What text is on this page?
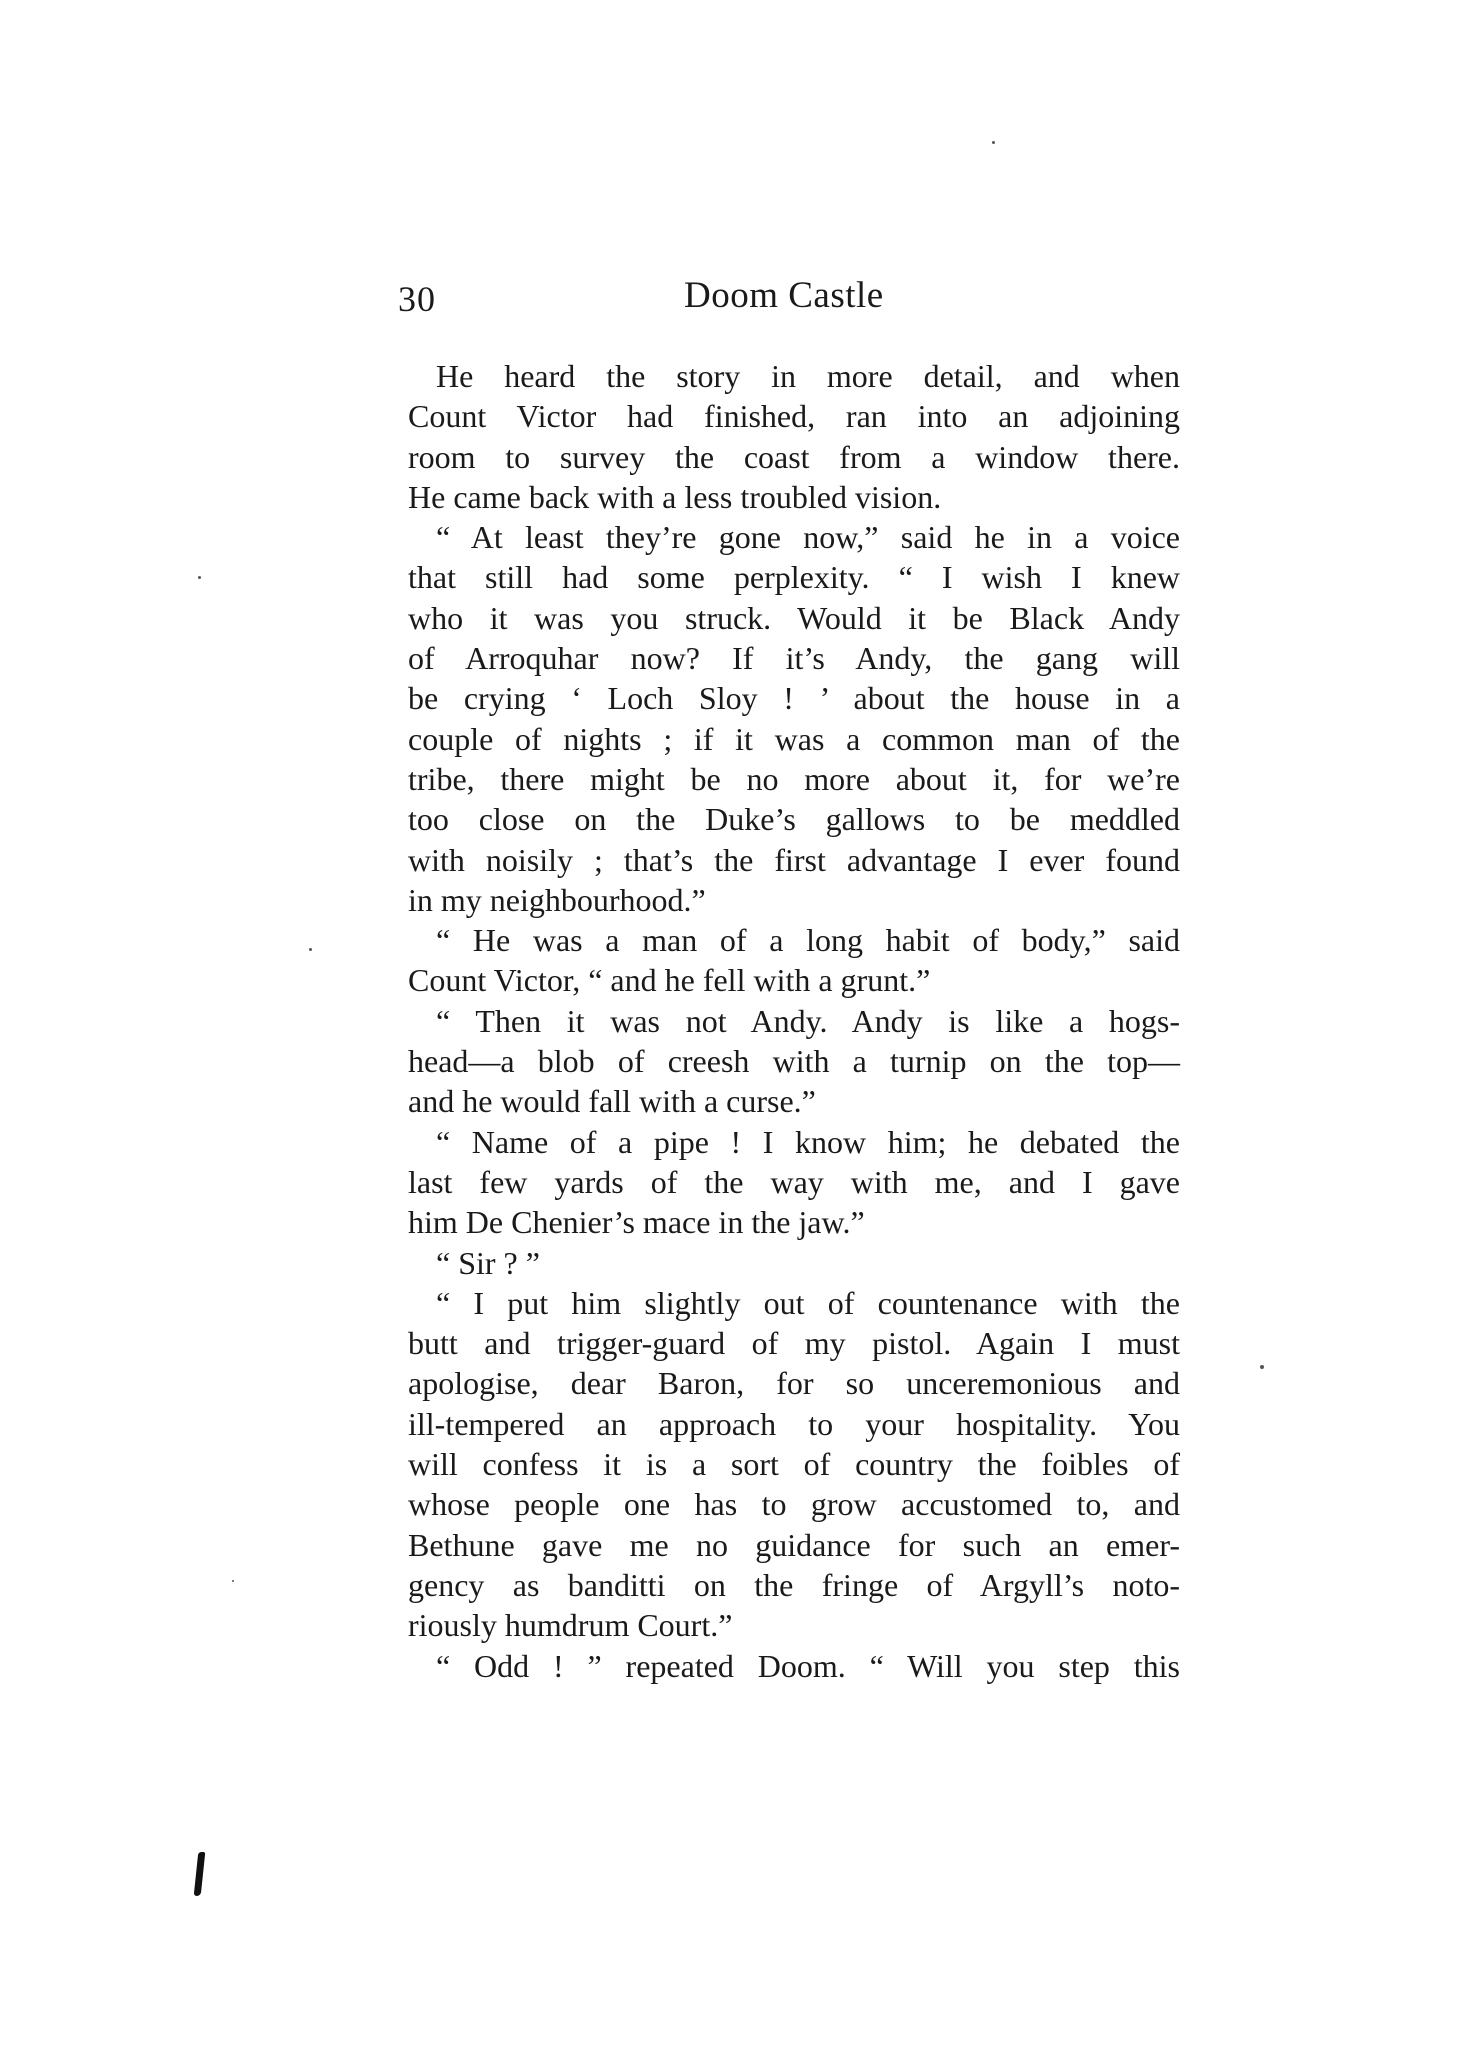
30	Doom Castle
He heard the story in more detail, and when
Count Victor had finished, ran into an adjoining
room to survey the coast from a window there.
He came back with a less troubled vision.
“ At least they’re gone now,” said he in a voice
that still had some perplexity. “ I wish I knew
who it was you struck. Would it be Black Andy
of Arroquhar now? If it’s Andy, the gang will
be crying ‘ Loch Sloy ! ’ about the house in a
couple of nights ; if it was a common man of the
tribe, there might be no more about it, for we’re
too close on the Duke’s gallows to be meddled
with noisily ; that’s the first advantage I ever found
in my neighbourhood.”
“ He was a man of a long habit of body,” said
Count Victor, “ and he fell with a grunt.”
“ Then it was not Andy. Andy is like a hogs-
head—a blob of creesh with a turnip on the top—
and he would fall with a curse.”
“ Name of a pipe ! I know him; he debated the
last few yards of the way with me, and I gave
him De Chenier’s mace in the jaw.”
“ Sir ? ”
“ I put him slightly out of countenance with the
butt and trigger-guard of my pistol. Again I must
apologise, dear Baron, for so unceremonious and
ill-tempered an approach to your hospitality. You
will confess it is a sort of country the foibles of
whose people one has to grow accustomed to, and
Bethune gave me no guidance for such an emer-
gency as banditti on the fringe of Argyll’s noto-
riously humdrum Court.”
“ Odd ! ” repeated Doom. “ Will you step this
